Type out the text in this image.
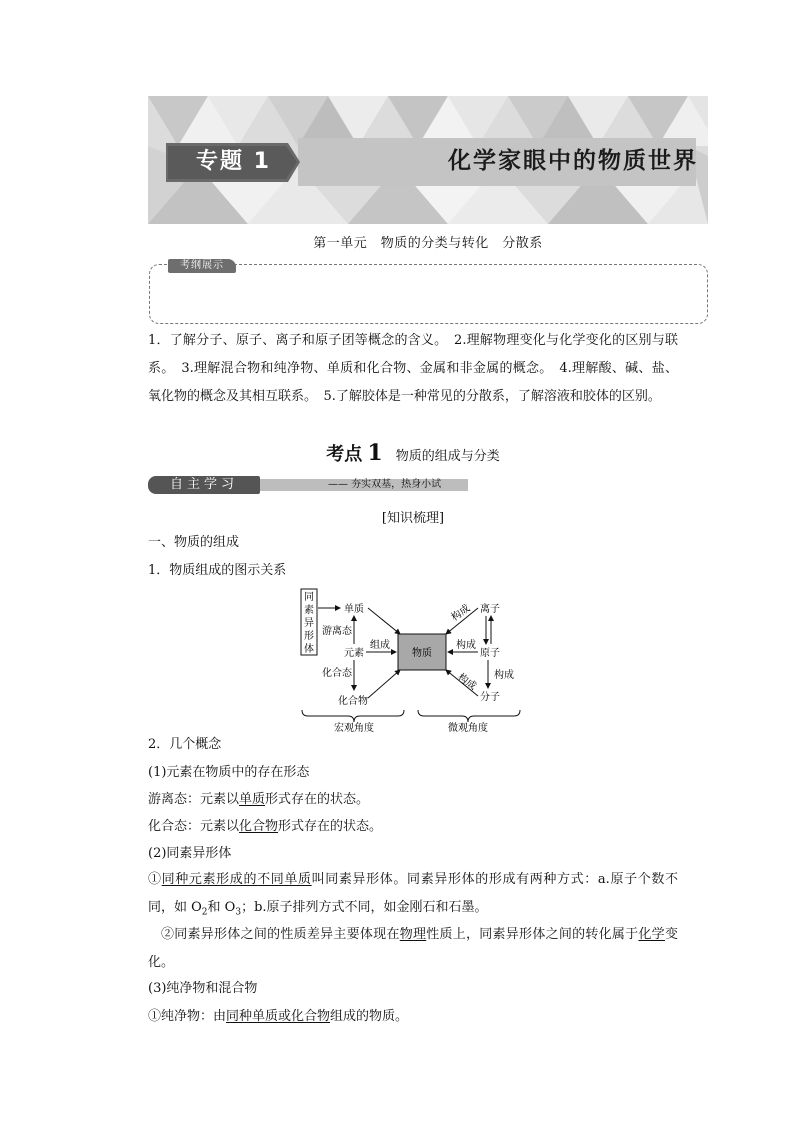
专题 1	化学家眼中的物质世界
第一单元　物质的分类与转化　分散系
考纲展示
1．了解分子、原子、离子和原子团等概念的含义。　2.理解物理变化与化学变化的区别与联系。　3.理解混合物和纯净物、单质和化合物、金属和非金属的概念。　4.理解酸、碱、盐、氧化物的概念及其相互联系。　5.了解胶体是一种常见的分散系，了解溶液和胶体的区别。
考点 1 物质的组成与分类
自主学习	—— 夯实双基，热身小试
[知识梳理]
一、物质的组成
1．物质组成的图示关系
同
素
异
形
体
单质
游离态
元素
化合态
化合物
物质
组成
离子
原子
分子
构成
构成
构成 构成
宏观角度	微观角度
2．几个概念
(1)元素在物质中的存在形态
游离态：元素以单质形式存在的状态。
化合态：元素以化合物形式存在的状态。
(2)同素异形体
①同种元素形成的不同单质叫同素异形体。同素异形体的形成有两种方式：a.原子个数不同，如 $O_2$和 $O_3$；b.原子排列方式不同，如金刚石和石墨。
②同素异形体之间的性质差异主要体现在物理性质上，同素异形体之间的转化属于化学变化。
(3)纯净物和混合物
①纯净物：由同种单质或化合物组成的物质。
